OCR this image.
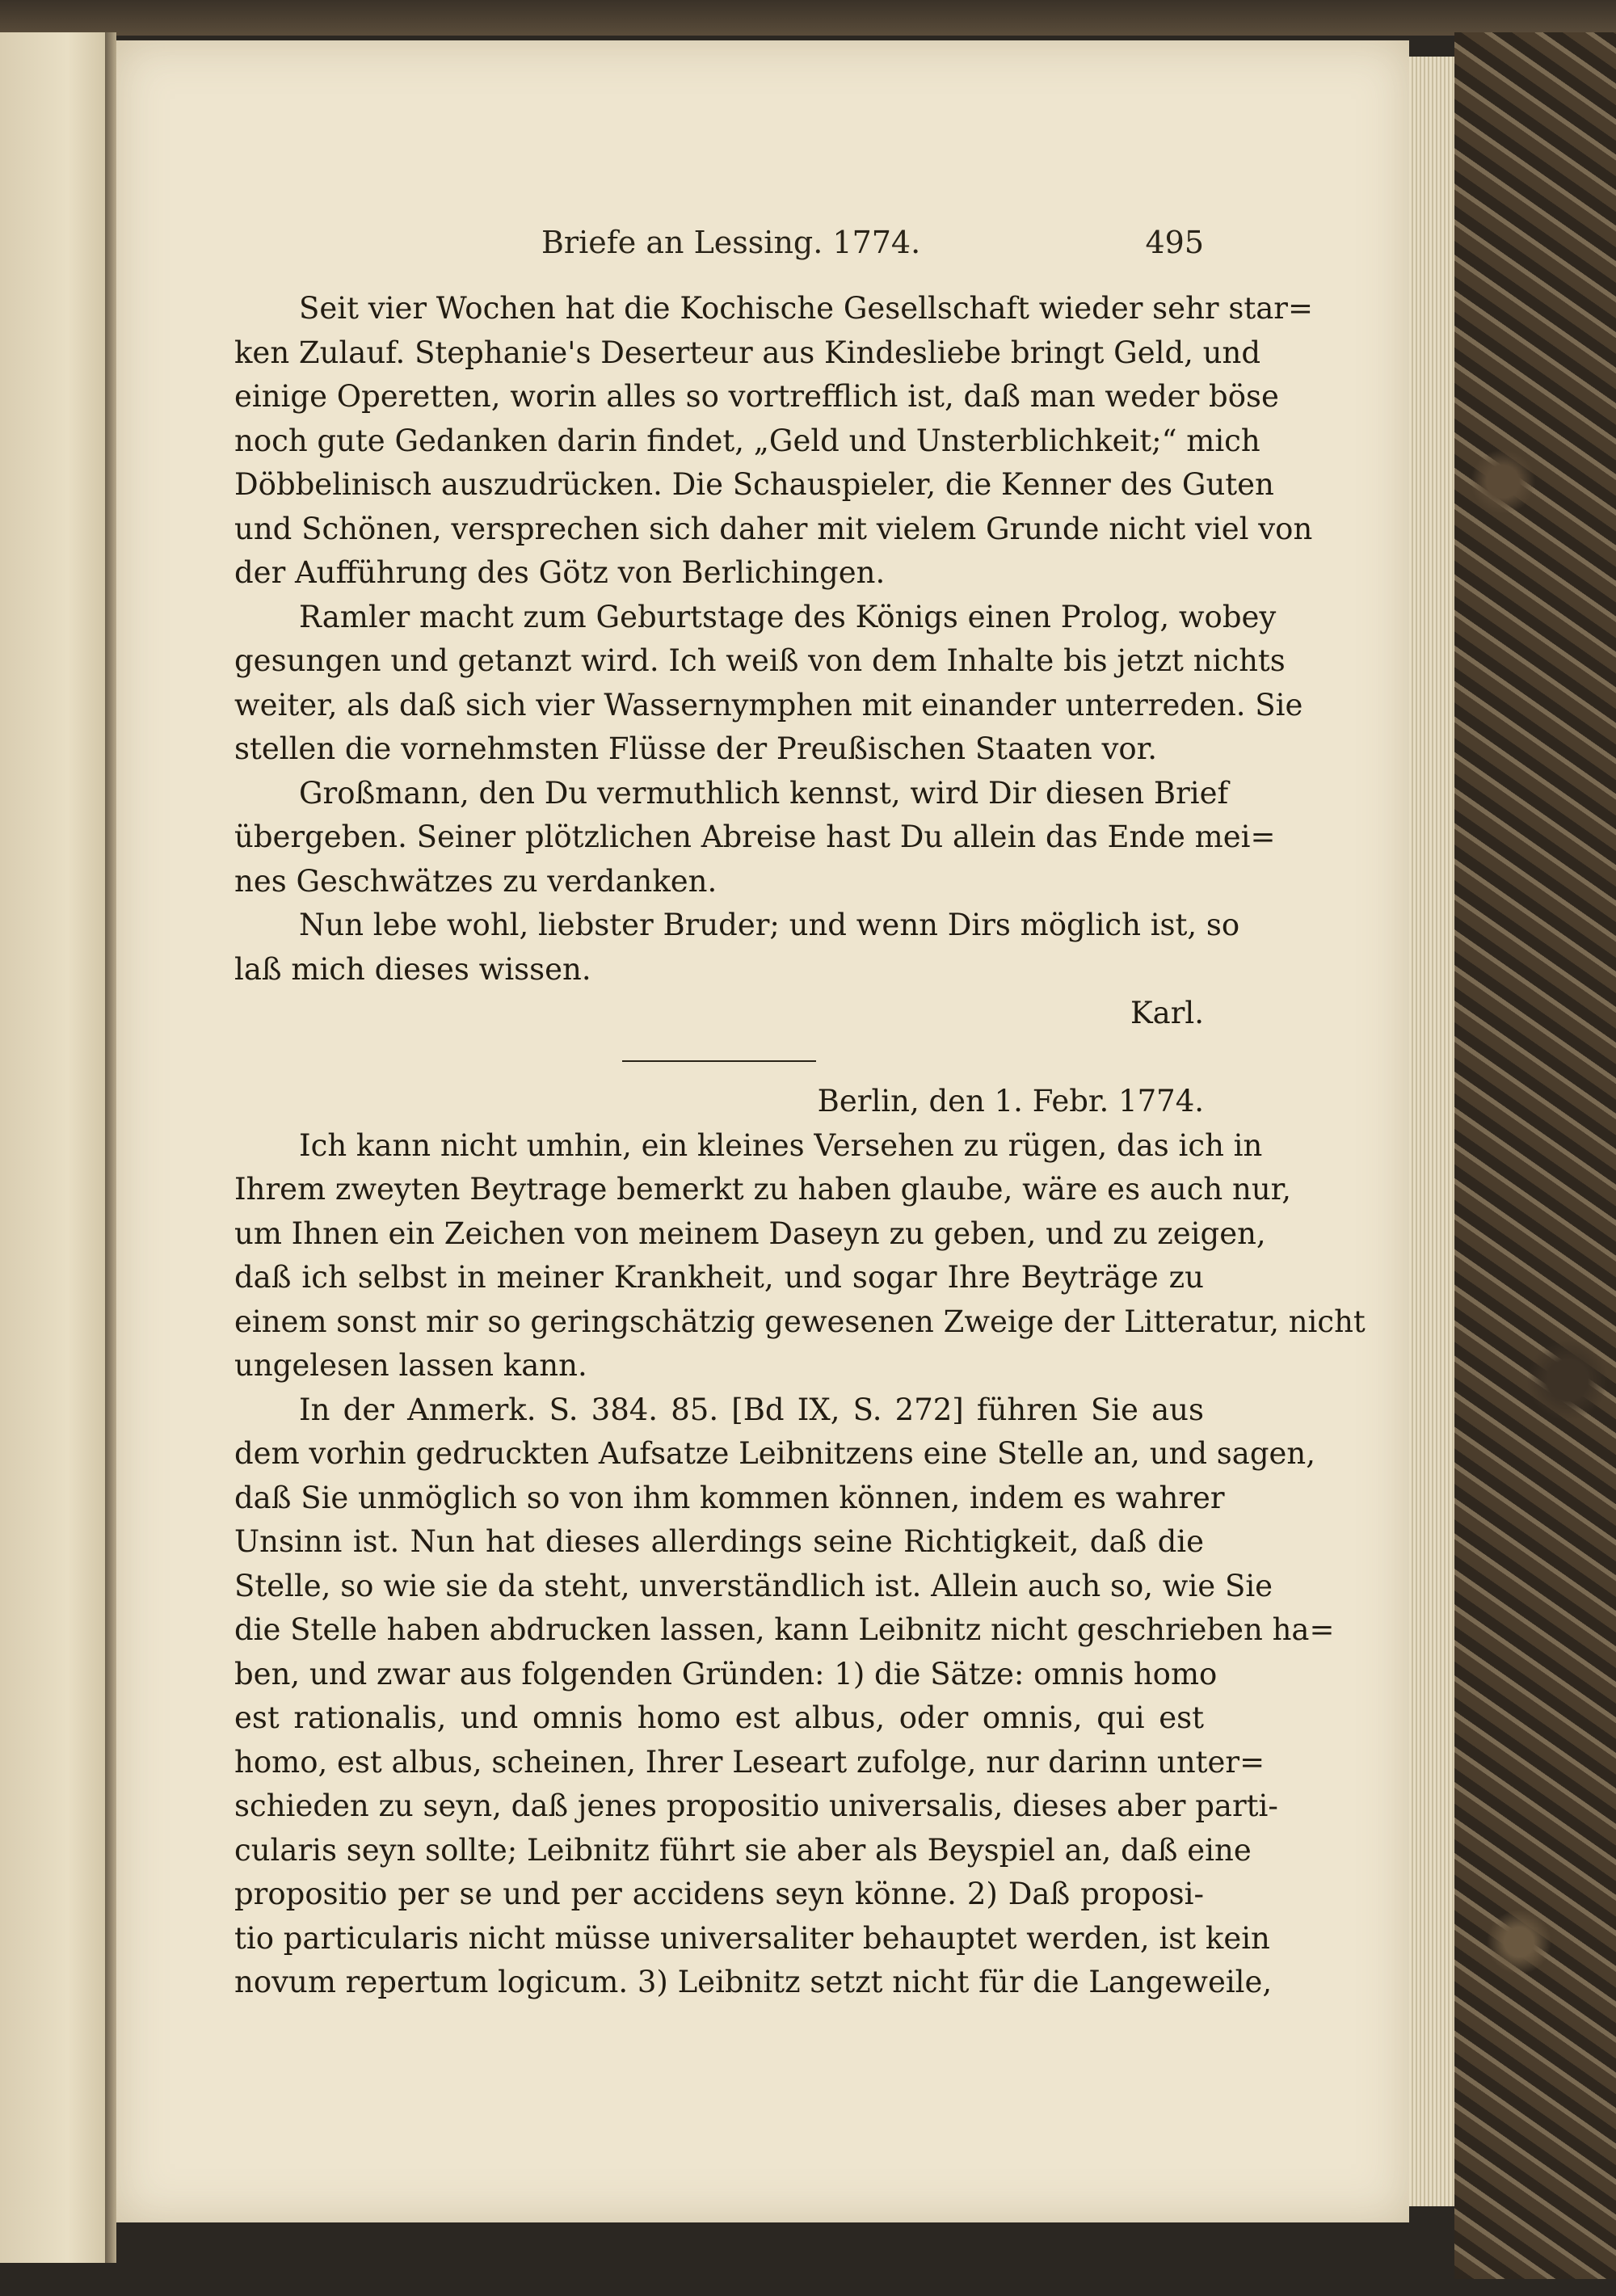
Briefe an Lessing. 1774.	495
Seit vier Wochen hat die Kochische Gesellschaft wieder sehr star=
ken Zulauf. Stephanie's Deserteur aus Kindesliebe bringt Geld, und
einige Operetten, worin alles so vortrefflich ist, daß man weder böse
noch gute Gedanken darin findet, „Geld und Unsterblichkeit;“ mich
Döbbelinisch auszudrücken. Die Schauspieler, die Kenner des Guten
und Schönen, versprechen sich daher mit vielem Grunde nicht viel von
der Aufführung des Götz von Berlichingen.
Ramler macht zum Geburtstage des Königs einen Prolog, wobey
gesungen und getanzt wird. Ich weiß von dem Inhalte bis jetzt nichts
weiter, als daß sich vier Wassernymphen mit einander unterreden. Sie
stellen die vornehmsten Flüsse der Preußischen Staaten vor.
Großmann, den Du vermuthlich kennst, wird Dir diesen Brief
übergeben. Seiner plötzlichen Abreise hast Du allein das Ende mei=
nes Geschwätzes zu verdanken.
Nun lebe wohl, liebster Bruder; und wenn Dirs möglich ist, so
laß mich dieses wissen.
Karl.
Berlin, den 1. Febr. 1774.
Ich kann nicht umhin, ein kleines Versehen zu rügen, das ich in
Ihrem zweyten Beytrage bemerkt zu haben glaube, wäre es auch nur,
um Ihnen ein Zeichen von meinem Daseyn zu geben, und zu zeigen,
daß ich selbst in meiner Krankheit, und sogar Ihre Beyträge zu
einem sonst mir so geringschätzig gewesenen Zweige der Litteratur, nicht
ungelesen lassen kann.
In der Anmerk. S. 384. 85. [Bd IX, S. 272] führen Sie aus
dem vorhin gedruckten Aufsatze Leibnitzens eine Stelle an, und sagen,
daß Sie unmöglich so von ihm kommen können, indem es wahrer
Unsinn ist. Nun hat dieses allerdings seine Richtigkeit, daß die
Stelle, so wie sie da steht, unverständlich ist. Allein auch so, wie Sie
die Stelle haben abdrucken lassen, kann Leibnitz nicht geschrieben ha=
ben, und zwar aus folgenden Gründen: 1) die Sätze: omnis homo
est rationalis, und omnis homo est albus, oder omnis, qui est
homo, est albus, scheinen, Ihrer Leseart zufolge, nur darinn unter=
schieden zu seyn, daß jenes propositio universalis, dieses aber parti-
cularis seyn sollte; Leibnitz führt sie aber als Beyspiel an, daß eine
propositio per se und per accidens seyn könne. 2) Daß proposi-
tio particularis nicht müsse universaliter behauptet werden, ist kein
novum repertum logicum. 3) Leibnitz setzt nicht für die Langeweile,
